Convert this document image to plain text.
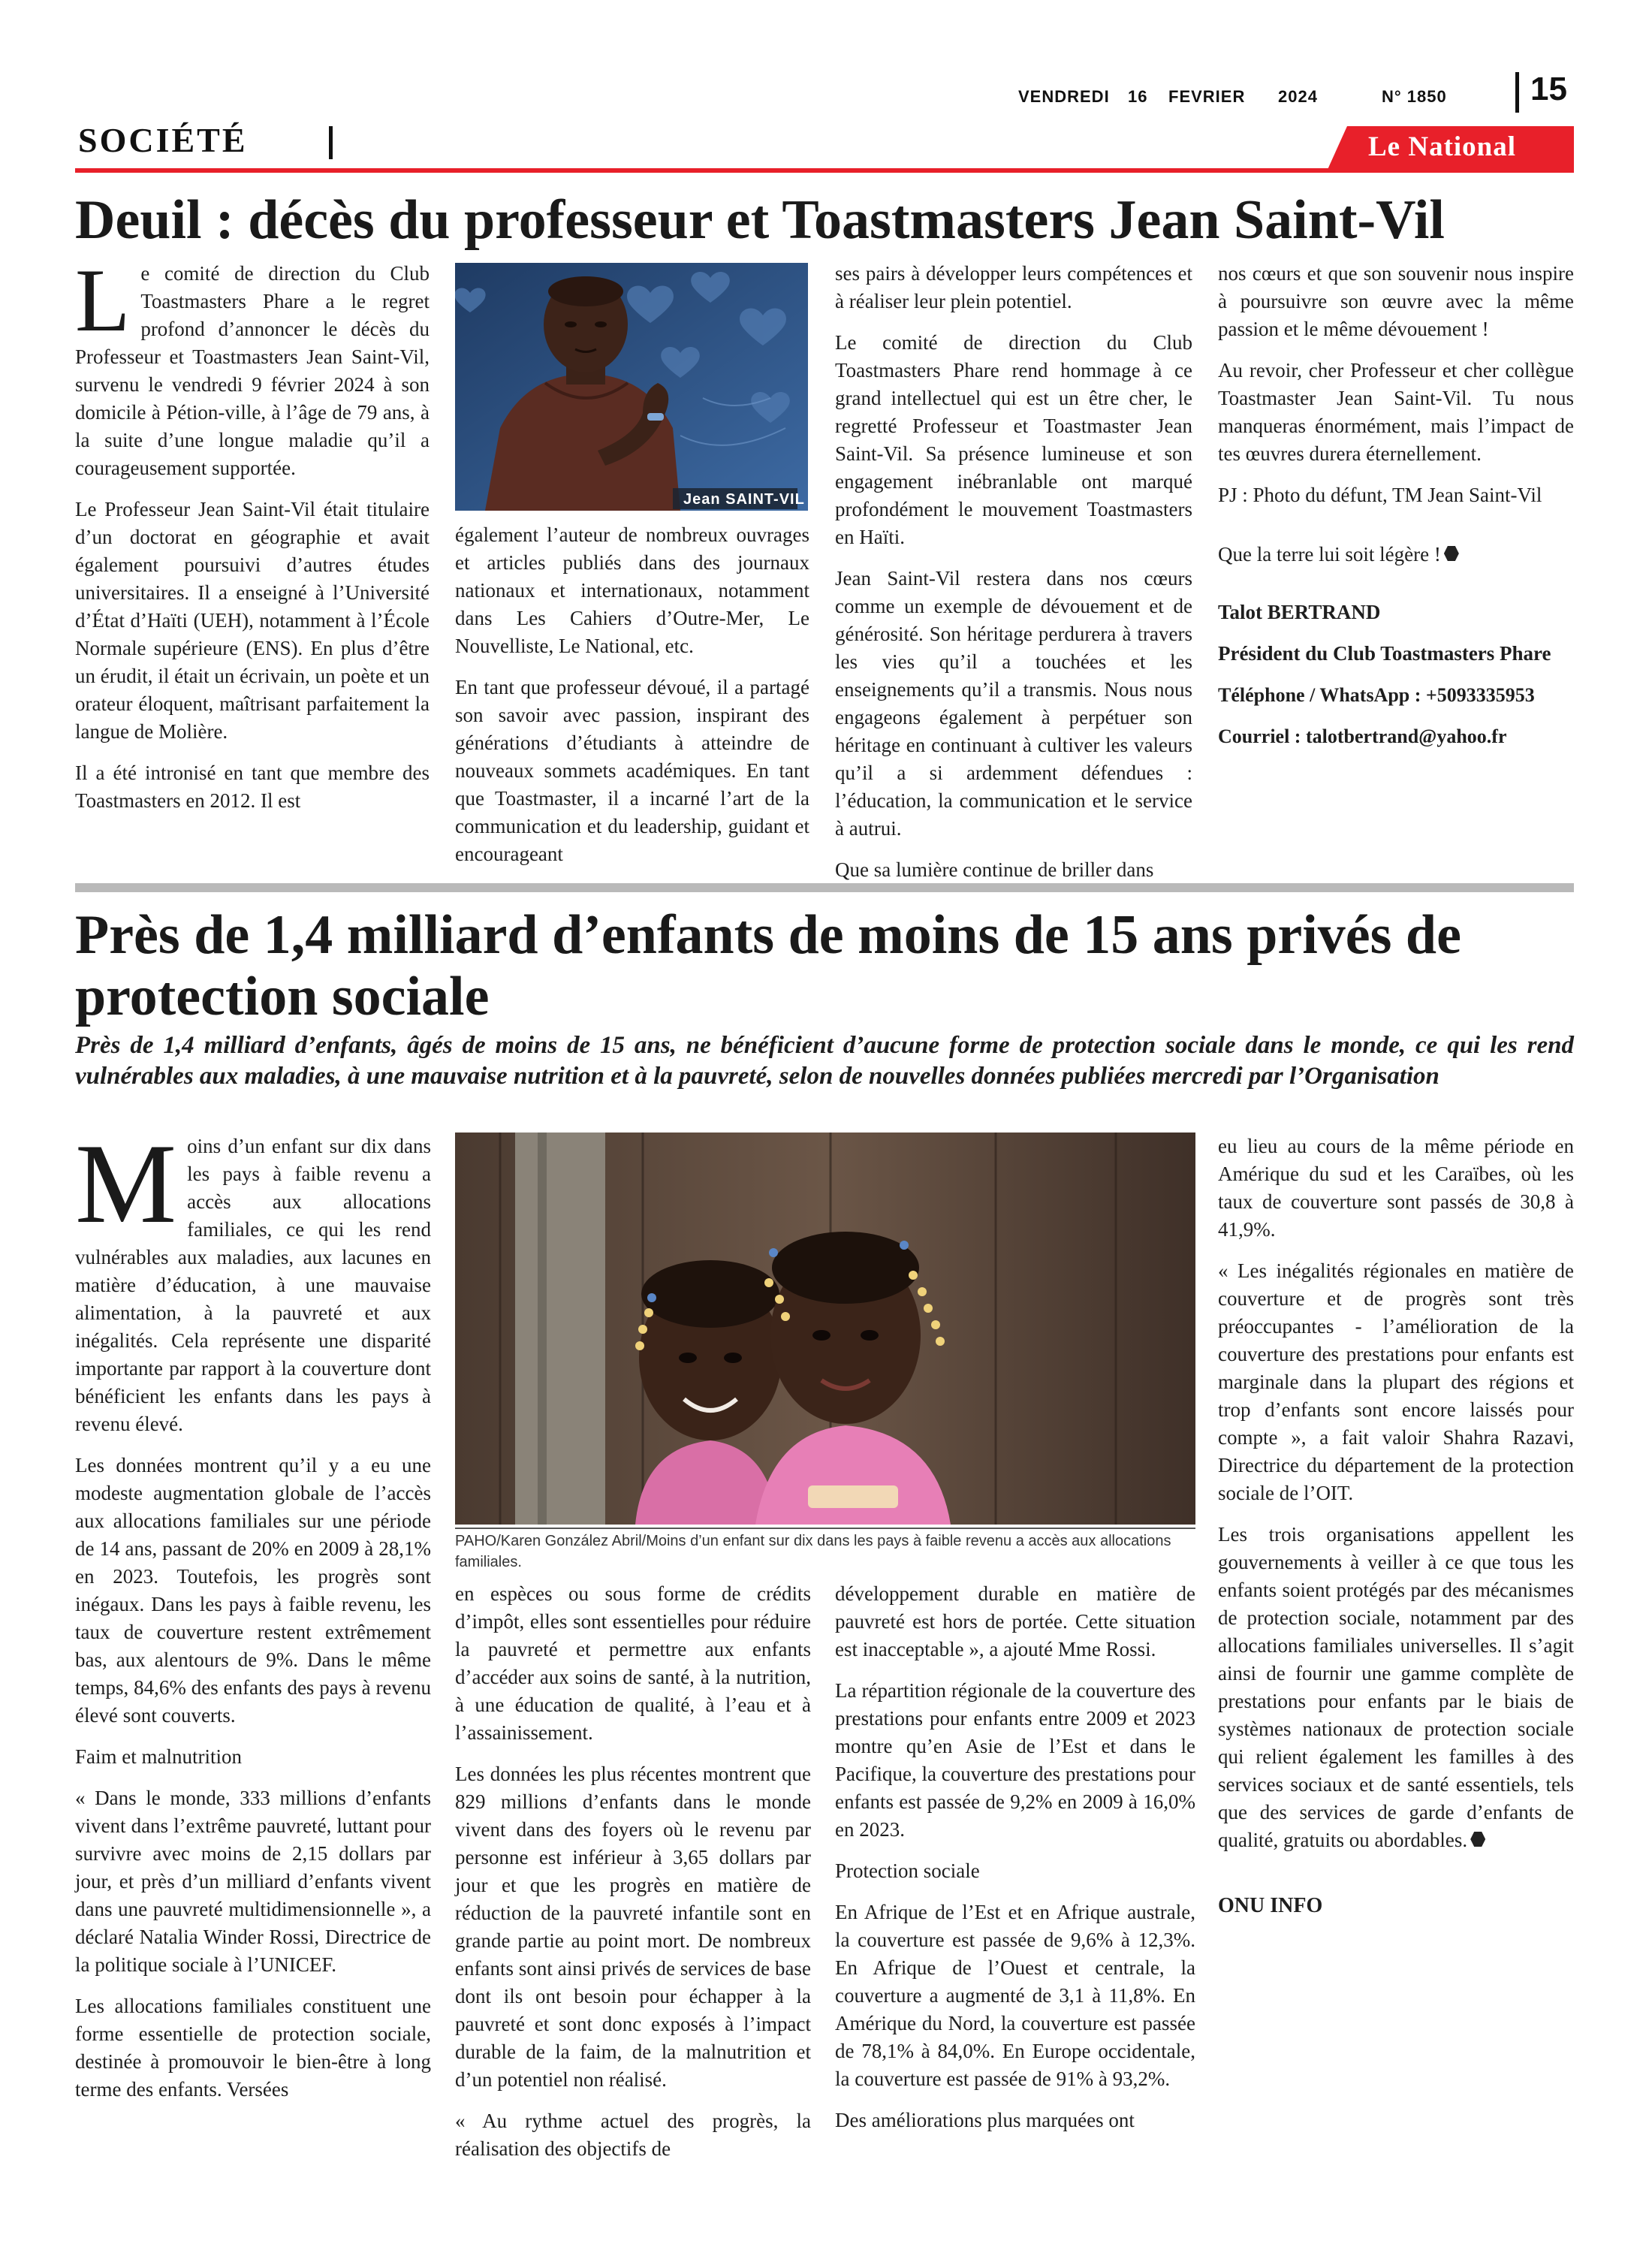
VENDREDI 16 FEVRIER 2024	N° 1850	15
SOCIÉTÉ	Le National
Deuil : décès du professeur et Toastmasters Jean Saint-Vil

Le comité de direction du Club Toastmasters Phare a le regret profond d’annoncer le décès du Professeur et Toastmasters Jean Saint-Vil, survenu le vendredi 9 février 2024 à son domicile à Pétion-ville, à l’âge de 79 ans, à la suite d’une longue maladie qu’il a courageusement supportée.

Le Professeur Jean Saint-Vil était titulaire d’un doctorat en géographie et avait également poursuivi d’autres études universitaires. Il a enseigné à l’Université d’État d’Haïti (UEH), notamment à l’École Normale supérieure (ENS). En plus d’être un érudit, il était un écrivain, un poète et un orateur éloquent, maîtrisant parfaitement la langue de Molière.

Il a été intronisé en tant que membre des Toastmasters en 2012. Il est

Jean SAINT-VIL

également l’auteur de nombreux ouvrages et articles publiés dans des journaux nationaux et internationaux, notamment dans Les Cahiers d’Outre-Mer, Le Nouvelliste, Le National, etc.

En tant que professeur dévoué, il a partagé son savoir avec passion, inspirant des générations d’étudiants à atteindre de nouveaux sommets académiques. En tant que Toastmaster, il a incarné l’art de la communication et du leadership, guidant et encourageant

ses pairs à développer leurs compétences et à réaliser leur plein potentiel.

Le comité de direction du Club Toastmasters Phare rend hommage à ce grand intellectuel qui est un être cher, le regretté Professeur et Toastmaster Jean Saint-Vil. Sa présence lumineuse et son engagement inébranlable ont marqué profondément le mouvement Toastmasters en Haïti.

Jean Saint-Vil restera dans nos cœurs comme un exemple de dévouement et de générosité. Son héritage perdurera à travers les vies qu’il a touchées et les enseignements qu’il a transmis. Nous nous engageons également à perpétuer son héritage en continuant à cultiver les valeurs qu’il a si ardemment défendues : l’éducation, la communication et le service à autrui.

Que sa lumière continue de briller dans

nos cœurs et que son souvenir nous inspire à poursuivre son œuvre avec la même passion et le même dévouement !

Au revoir, cher Professeur et cher collègue Toastmaster Jean Saint-Vil. Tu nous manqueras énormément, mais l’impact de tes œuvres durera éternellement.

PJ : Photo du défunt, TM Jean Saint-Vil

Que la terre lui soit légère !

Talot BERTRAND

Président du Club Toastmasters Phare

Téléphone / WhatsApp : +5093335953

Courriel : talotbertrand@yahoo.fr

Près de 1,4 milliard d’enfants de moins de 15 ans privés de
protection sociale
Près de 1,4 milliard d’enfants, âgés de moins de 15 ans, ne bénéficient d’aucune forme de protection sociale dans le monde, ce qui les rend vulnérables aux maladies, à une mauvaise nutrition et à la pauvreté, selon de nouvelles données publiées mercredi par l’Organisation

Moins d’un enfant sur dix dans les pays à faible revenu a accès aux allocations familiales, ce qui les rend vulnérables aux maladies, aux lacunes en matière d’éducation, à une mauvaise alimentation, à la pauvreté et aux inégalités. Cela représente une disparité importante par rapport à la couverture dont bénéficient les enfants dans les pays à revenu élevé.

Les données montrent qu’il y a eu une modeste augmentation globale de l’accès aux allocations familiales sur une période de 14 ans, passant de 20% en 2009 à 28,1% en 2023. Toutefois, les progrès sont inégaux. Dans les pays à faible revenu, les taux de couverture restent extrêmement bas, aux alentours de 9%. Dans le même temps, 84,6% des enfants des pays à revenu élevé sont couverts.

Faim et malnutrition

« Dans le monde, 333 millions d’enfants vivent dans l’extrême pauvreté, luttant pour survivre avec moins de 2,15 dollars par jour, et près d’un milliard d’enfants vivent dans une pauvreté multidimensionnelle », a déclaré Natalia Winder Rossi, Directrice de la politique sociale à l’UNICEF.

Les allocations familiales constituent une forme essentielle de protection sociale, destinée à promouvoir le bien-être à long terme des enfants. Versées

PAHO/Karen González Abril/Moins d’un enfant sur dix dans les pays à faible revenu a accès aux allocations familiales.

en espèces ou sous forme de crédits d’impôt, elles sont essentielles pour réduire la pauvreté et permettre aux enfants d’accéder aux soins de santé, à la nutrition, à une éducation de qualité, à l’eau et à l’assainissement.

Les données les plus récentes montrent que 829 millions d’enfants dans le monde vivent dans des foyers où le revenu par personne est inférieur à 3,65 dollars par jour et que les progrès en matière de réduction de la pauvreté infantile sont en grande partie au point mort. De nombreux enfants sont ainsi privés de services de base dont ils ont besoin pour échapper à la pauvreté et sont donc exposés à l’impact durable de la faim, de la malnutrition et d’un potentiel non réalisé.

« Au rythme actuel des progrès, la réalisation des objectifs de

développement durable en matière de pauvreté est hors de portée. Cette situation est inacceptable », a ajouté Mme Rossi.

La répartition régionale de la couverture des prestations pour enfants entre 2009 et 2023 montre qu’en Asie de l’Est et dans le Pacifique, la couverture des prestations pour enfants est passée de 9,2% en 2009 à 16,0% en 2023.

Protection sociale

En Afrique de l’Est et en Afrique australe, la couverture est passée de 9,6% à 12,3%. En Afrique de l’Ouest et centrale, la couverture a augmenté de 3,1 à 11,8%. En Amérique du Nord, la couverture est passée de 78,1% à 84,0%. En Europe occidentale, la couverture est passée de 91% à 93,2%.

Des améliorations plus marquées ont

eu lieu au cours de la même période en Amérique du sud et les Caraïbes, où les taux de couverture sont passés de 30,8 à 41,9%.

« Les inégalités régionales en matière de couverture et de progrès sont très préoccupantes - l’amélioration de la couverture des prestations pour enfants est marginale dans la plupart des régions et trop d’enfants sont encore laissés pour compte », a fait valoir Shahra Razavi, Directrice du département de la protection sociale de l’OIT.

Les trois organisations appellent les gouvernements à veiller à ce que tous les enfants soient protégés par des mécanismes de protection sociale, notamment par des allocations familiales universelles. Il s’agit ainsi de fournir une gamme complète de prestations pour enfants par le biais de systèmes nationaux de protection sociale qui relient également les familles à des services sociaux et de santé essentiels, tels que des services de garde d’enfants de qualité, gratuits ou abordables.

ONU INFO
